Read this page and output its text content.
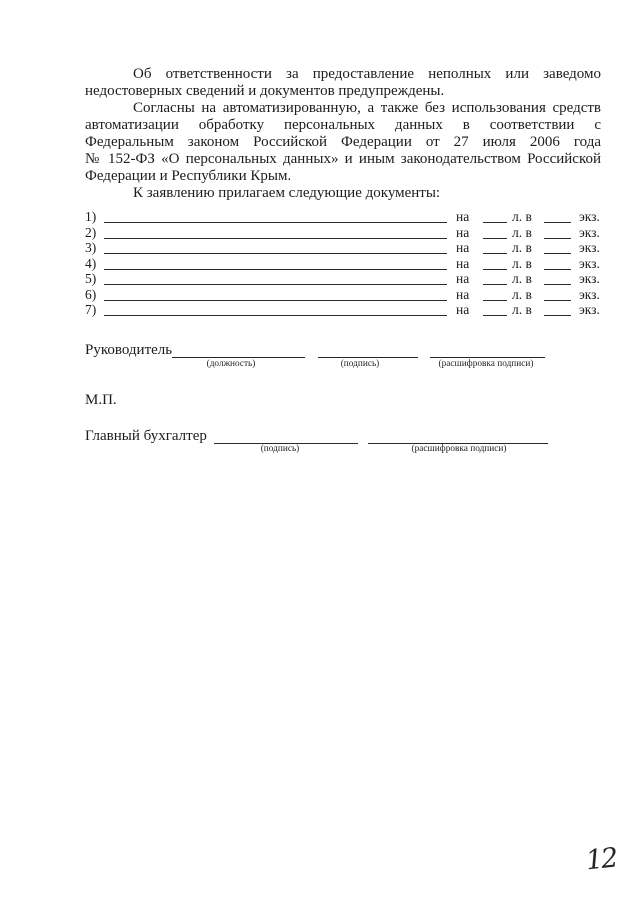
Об ответственности за предоставление неполных или заведомо
недостоверных сведений и документов предупреждены.
Согласны на автоматизированную, а также без использования средств
автоматизации обработку персональных данных в соответствии с
Федеральным законом Российской Федерации от 27 июля 2006 года
№ 152-ФЗ «О персональных данных» и иным законодательством Российской
Федерации и Республики Крым.
К заявлению прилагаем следующие документы:
1)	на	л. в	экз.
2)	на	л. в	экз.
3)	на	л. в	экз.
4)	на	л. в	экз.
5)	на	л. в	экз.
6)	на	л. в	экз.
7)	на	л. в	экз.
Руководитель
(должность)	(подпись)	(расшифровка подписи)
М.П.
Главный бухгалтер
(подпись)	(расшифровка подписи)
12
